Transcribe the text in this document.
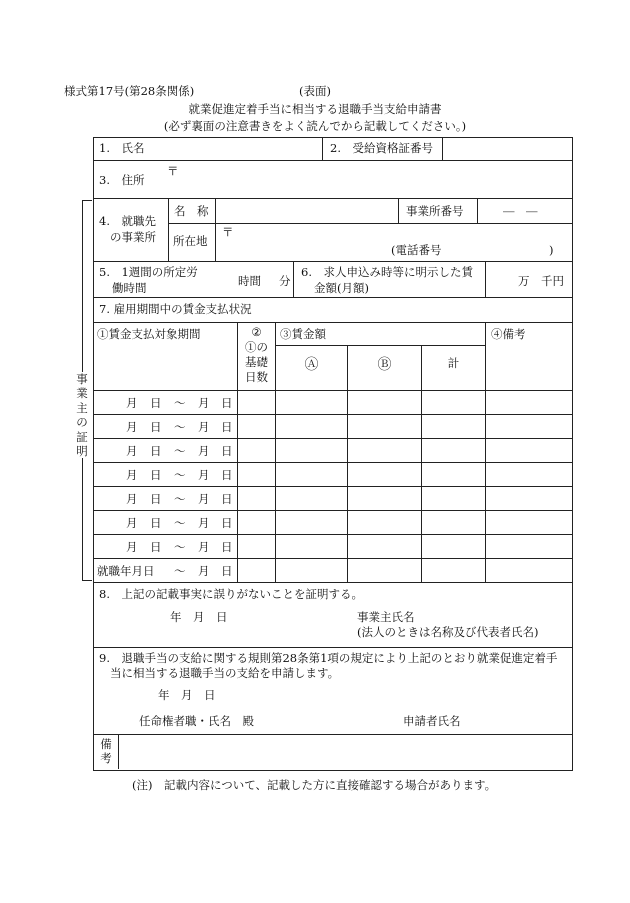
様式第17号(第28条関係)	(表面)
就業促進定着手当に相当する退職手当支給申請書
(必ず裏面の注意書きをよく読んでから記載してください。)
事業主の証明
1.　氏名	2.　受給資格証番号
3.　住所
〒
4.　就職先
の事業所
名　称	事業所番号	―　―
所在地
〒
(電話番号	)
5.　1週間の所定労
働時間	時間 分
6.　求人申込み時等に明示した賃
金額(月額)	万　千円
7. 雇用期間中の賃金支払状況
①賃金支払対象期間	②
①の
基礎
日数
③賃金額	④備考
Ⓐ	Ⓑ	計
月 日 ～ 月 日
月 日 ～ 月 日
月 日 ～ 月 日
月 日 ～ 月 日
月 日 ～ 月 日
月 日 ～ 月 日
月 日 ～ 月 日
就職年月日 ～ 月 日
8.　上記の記載事実に誤りがないことを証明する。
年　月　日	事業主氏名
(法人のときは名称及び代表者氏名)
9.　退職手当の支給に関する規則第28条第1項の規定により上記のとおり就業促進定着手
当に相当する退職手当の支給を申請します。
年　月　日
任命権者職・氏名　殿	申請者氏名
備考
(注)　記載内容について、記載した方に直接確認する場合があります。
